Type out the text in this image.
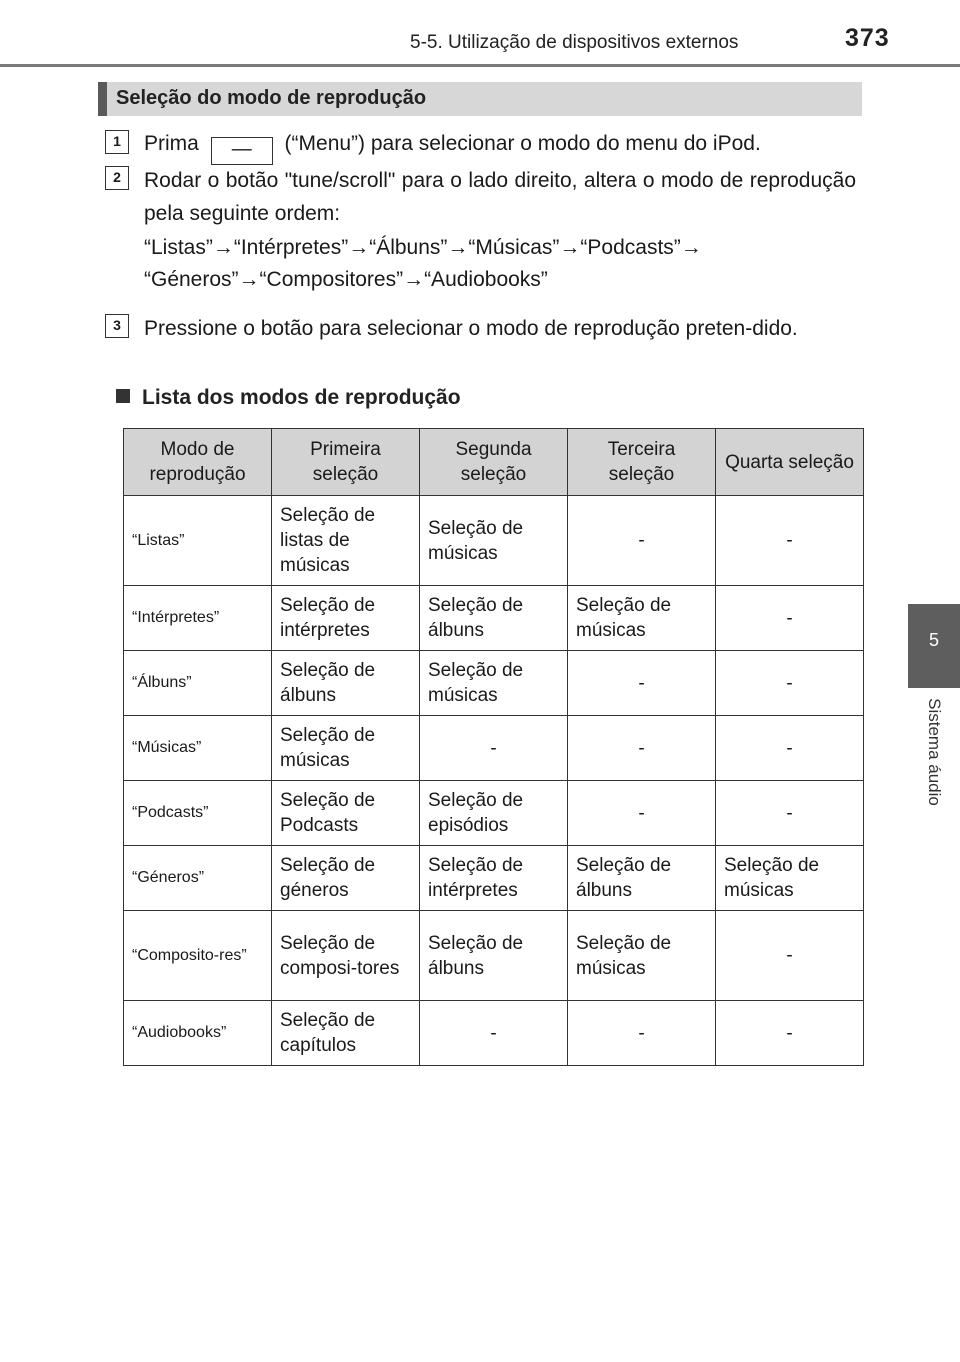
5-5. Utilização de dispositivos externos	373
5
Sistema áudio
Seleção do modo de reprodução
1	Prima — (“Menu”) para selecionar o modo do menu do iPod.
2	Rodar o botão "tune/scroll" para o lado direito, altera o modo de reprodução pela seguinte ordem:
“Listas”→“Intérpretes”→“Álbuns”→“Músicas”→“Podcasts”→
“Géneros”→“Compositores”→“Audiobooks”
3	Pressione o botão para selecionar o modo de reprodução preten-dido.
Lista dos modos de reprodução
Modo de reprodução	Primeira seleção	Segunda seleção	Terceira seleção	Quarta seleção
“Listas”	Seleção de listas de músicas	Seleção de músicas	-	-
“Intérpretes”	Seleção de intérpretes	Seleção de álbuns	Seleção de músicas	-
“Álbuns”	Seleção de álbuns	Seleção de músicas	-	-
“Músicas”	Seleção de músicas	-	-	-
“Podcasts”	Seleção de Podcasts	Seleção de episódios	-	-
“Géneros”	Seleção de géneros	Seleção de intérpretes	Seleção de álbuns	Seleção de músicas
“Composito-res”	Seleção de composi-tores	Seleção de álbuns	Seleção de músicas	-
“Audiobooks”	Seleção de capítulos	-	-	-
